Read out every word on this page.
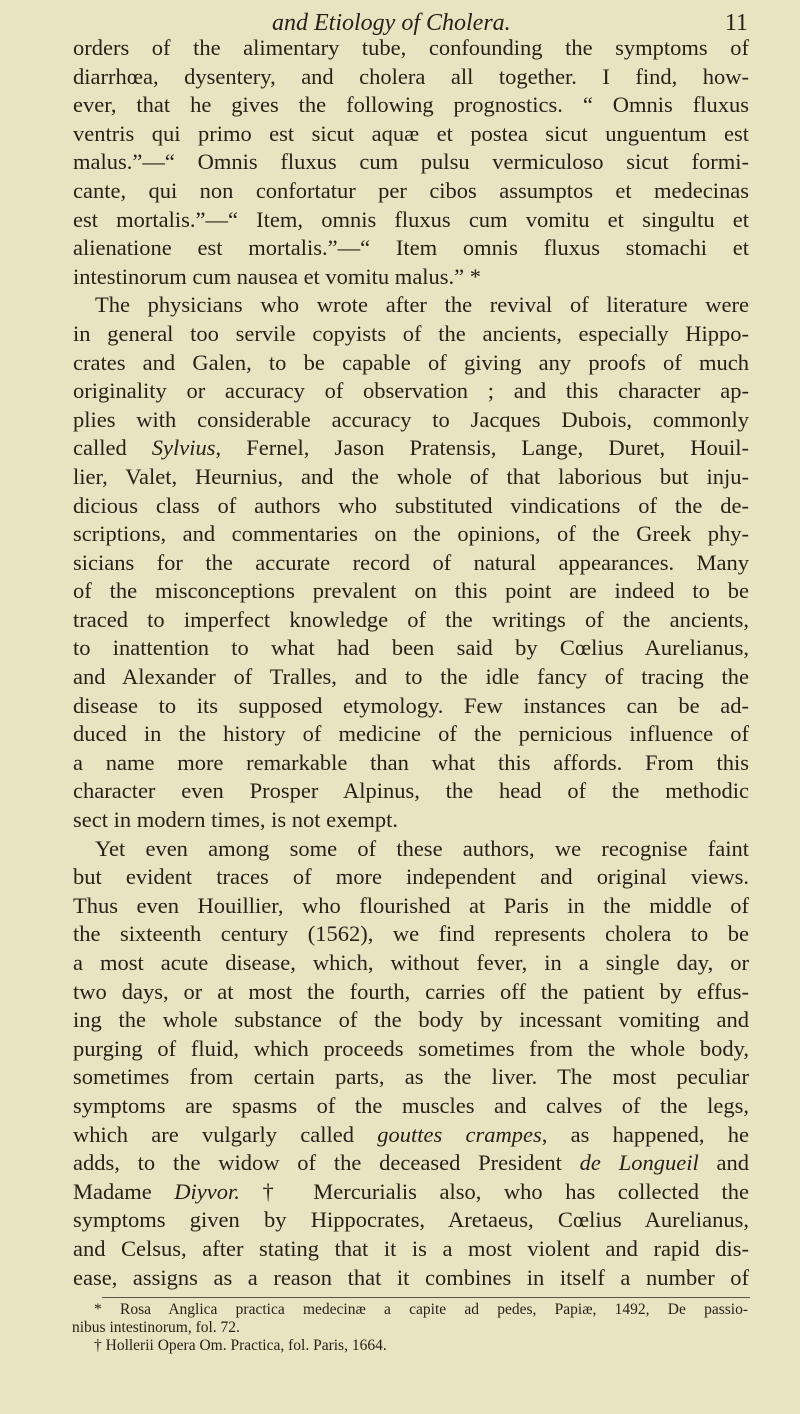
and Etiology of Cholera.	11
orders of the alimentary tube, confounding the symptoms of
diarrhœa, dysentery, and cholera all together. I find, how-
ever, that he gives the following prognostics. “ Omnis fluxus
ventris qui primo est sicut aquæ et postea sicut unguentum est
malus.”—“ Omnis fluxus cum pulsu vermiculoso sicut formi-
cante, qui non confortatur per cibos assumptos et medecinas
est mortalis.”—“ Item, omnis fluxus cum vomitu et singultu et
alienatione est mortalis.”—“ Item omnis fluxus stomachi et
intestinorum cum nausea et vomitu malus.” *
The physicians who wrote after the revival of literature were
in general too servile copyists of the ancients, especially Hippo-
crates and Galen, to be capable of giving any proofs of much
originality or accuracy of observation ; and this character ap-
plies with considerable accuracy to Jacques Dubois, commonly
called Sylvius, Fernel, Jason Pratensis, Lange, Duret, Houil-
lier, Valet, Heurnius, and the whole of that laborious but inju-
dicious class of authors who substituted vindications of the de-
scriptions, and commentaries on the opinions, of the Greek phy-
sicians for the accurate record of natural appearances. Many
of the misconceptions prevalent on this point are indeed to be
traced to imperfect knowledge of the writings of the ancients,
to inattention to what had been said by Cœlius Aurelianus,
and Alexander of Tralles, and to the idle fancy of tracing the
disease to its supposed etymology. Few instances can be ad-
duced in the history of medicine of the pernicious influence of
a name more remarkable than what this affords. From this
character even Prosper Alpinus, the head of the methodic
sect in modern times, is not exempt.
Yet even among some of these authors, we recognise faint
but evident traces of more independent and original views.
Thus even Houillier, who flourished at Paris in the middle of
the sixteenth century (1562), we find represents cholera to be
a most acute disease, which, without fever, in a single day, or
two days, or at most the fourth, carries off the patient by effus-
ing the whole substance of the body by incessant vomiting and
purging of fluid, which proceeds sometimes from the whole body,
sometimes from certain parts, as the liver. The most peculiar
symptoms are spasms of the muscles and calves of the legs,
which are vulgarly called gouttes crampes, as happened, he
adds, to the widow of the deceased President de Longueil and
Madame Diyvor. † Mercurialis also, who has collected the
symptoms given by Hippocrates, Aretaeus, Cœlius Aurelianus,
and Celsus, after stating that it is a most violent and rapid dis-
ease, assigns as a reason that it combines in itself a number of
* Rosa Anglica practica medecinæ a capite ad pedes, Papiæ, 1492, De passio-
nibus intestinorum, fol. 72.
† Hollerii Opera Om. Practica, fol. Paris, 1664.
